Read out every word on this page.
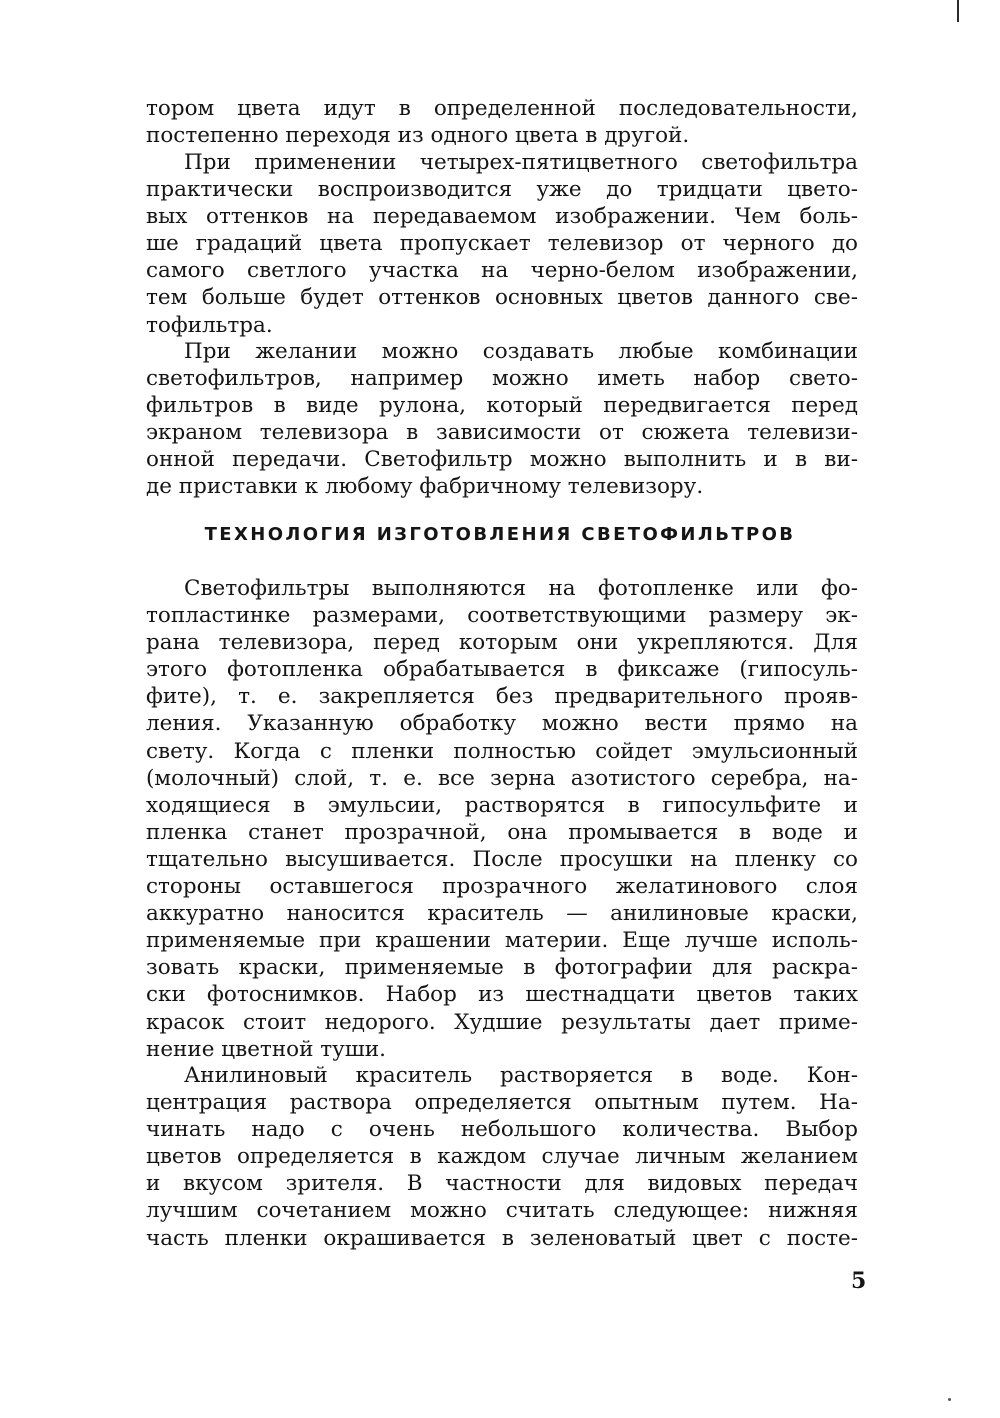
тором цвета идут в определенной последовательности,
постепенно переходя из одного цвета в другой.
При применении четырех-пятицветного светофильтра
практически воспроизводится уже до тридцати цвето-
вых оттенков на передаваемом изображении. Чем боль-
ше градаций цвета пропускает телевизор от черного до
самого светлого участка на черно-белом изображении,
тем больше будет оттенков основных цветов данного све-
тофильтра.
При желании можно создавать любые комбинации
светофильтров, например можно иметь набор свето-
фильтров в виде рулона, который передвигается перед
экраном телевизора в зависимости от сюжета телевизи-
онной передачи. Светофильтр можно выполнить и в ви-
де приставки к любому фабричному телевизору.
ТЕХНОЛОГИЯ ИЗГОТОВЛЕНИЯ СВЕТОФИЛЬТРОВ
Светофильтры выполняются на фотопленке или фо-
топластинке размерами, соответствующими размеру эк-
рана телевизора, перед которым они укрепляются. Для
этого фотопленка обрабатывается в фиксаже (гипосуль-
фите), т. е. закрепляется без предварительного прояв-
ления. Указанную обработку можно вести прямо на
свету. Когда с пленки полностью сойдет эмульсионный
(молочный) слой, т. е. все зерна азотистого серебра, на-
ходящиеся в эмульсии, растворятся в гипосульфите и
пленка станет прозрачной, она промывается в воде и
тщательно высушивается. После просушки на пленку со
стороны оставшегося прозрачного желатинового слоя
аккуратно наносится краситель — анилиновые краски,
применяемые при крашении материи. Еще лучше исполь-
зовать краски, применяемые в фотографии для раскра-
ски фотоснимков. Набор из шестнадцати цветов таких
красок стоит недорого. Худшие результаты дает приме-
нение цветной туши.
Анилиновый краситель растворяется в воде. Кон-
центрация раствора определяется опытным путем. На-
чинать надо с очень небольшого количества. Выбор
цветов определяется в каждом случае личным желанием
и вкусом зрителя. В частности для видовых передач
лучшим сочетанием можно считать следующее: нижняя
часть пленки окрашивается в зеленоватый цвет с посте-
5
